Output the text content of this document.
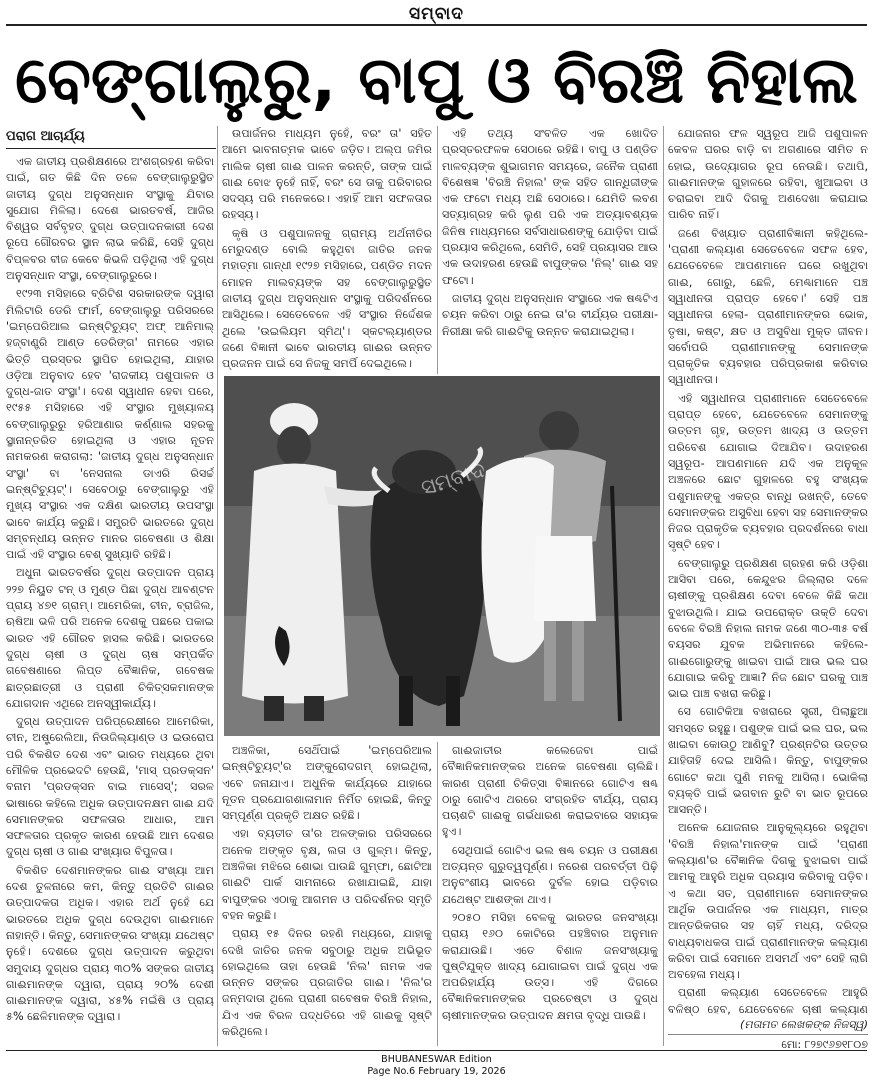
ସମ୍ବାଦ
ବେଙ୍ଗାଲୁରୁ, ବାପୁ ଓ ବିରଞ୍ଚି ନିହାଲ
ପରାଗ ଆଚାର୍ଯ୍ୟ

ଏକ ଜାତୀୟ ପ୍ରଶିକ୍ଷଣରେ ଅଂଶଗ୍ରହଣ କରିବା ପାଇଁ, ଗତ କିଛି ଦିନ ତଳେ ବେଙ୍ଗାଲୁରୁସ୍ଥିତ ଜାତୀୟ ଦୁଗ୍ଧ ଅନୁସନ୍ଧାନ ସଂସ୍ଥାକୁ ଯିବାର ସୁଯୋଗ ମିଳିଲା। ଦେଶେ ଭାରତବର୍ଷ, ଆଜିର ବିଶ୍ୱର ସର୍ବବୃହତ୍ ଦୁଗ୍ଧ ଉତ୍ପାଦନକାରୀ ଦେଶ ରୂପେ ଗୌରବର ସ୍ଥାନ ଲାଭ କରିଛି, ସେହି ଦୁଗ୍ଧ ବିପ୍ଳବର ବୀଜ କେବେ କିଭଳି ପଡ଼ିଥିଲା ଏହି ଦୁଗ୍ଧ ଅନୁସନ୍ଧାନ ସଂସ୍ଥା, ବେଙ୍ଗାଲୁରୁରେ।

୧୯୨୩ ମସିହାରେ ବ୍ରିଟିଶ ସରକାରଙ୍କ ଦ୍ୱାରା ମିଲିଟାରି ଡେରି ଫାର୍ମ, ବେଙ୍ଗାଲୁରୁ ପରିସରରେ 'ଇମ୍ପେରିଆଲ ଇନ୍ଷ୍ଟିଚ୍ୟୁଟ୍ ଅଫ୍ ଆନିମାଲ୍ ହଜ୍‌ବାଣ୍ଡ୍ରି ଆଣ୍ଡ ଡେରିଙ୍ଗ' ନାମରେ ଏହାର ଭିତ୍ତି ପ୍ରସ୍ତର ସ୍ଥାପିତ ହୋଇଥିଲା, ଯାହାର ଓଡ଼ିଆ ଅନୁବାଦ ହେବ 'ରାଜକୀୟ ପଶୁପାଳନ ଓ ଦୁଗ୍ଧ-ଜାତ ସଂସ୍ଥା'। ଦେଶ ସ୍ୱାଧୀନ ହେବା ପରେ, ୧୯୫୫ ମସିହାରେ ଏହି ସଂସ୍ଥାର ମୁଖ୍ୟାଳୟ ବେଙ୍ଗାଲୁରୁରୁ ହରିଆଣାର କର୍ଣ୍ଣାଲ ସହରକୁ ସ୍ଥାନାନ୍ତରିତ ହୋଇଥିଲା ଓ ଏହାର ନୂତନ ନାମକରଣ କରାଗଲା: 'ଜାତୀୟ ଦୁଗ୍ଧ ଅନୁସନ୍ଧାନ ସଂସ୍ଥା' ବା 'ନେସନାଲ ଡାଏରି ରିସର୍ଚ୍ଚ ଇନ୍ଷ୍ଟିଚ୍ୟୁଟ୍'। ସେବେଠାରୁ ବେଙ୍ଗାଲୁରୁ ଏହି ମୁଖ୍ୟ ସଂସ୍ଥାର ଏକ ଦକ୍ଷିଣ ଭାରତୀୟ ଉପସଂସ୍ଥା ଭାବେ କାର୍ଯ୍ୟ କରୁଛି। ସମ୍ପ୍ରତି ଭାରତରେ ଦୁଗ୍ଧ ସମ୍ବନ୍ଧୀୟ ଉନ୍ନତ ମାନର ଗବେଷଣା ଓ ଶିକ୍ଷା ପାଇଁ ଏହି ସଂସ୍ଥାର ବେଶ୍ ସୁଖ୍ୟାତି ରହିଛି।

ଅଧୁନା ଭାରତବର୍ଷର ଦୁଗ୍ଧ ଉତ୍ପାଦନ ପ୍ରାୟ ୨୨୭ ନିୟୁତ ଟନ୍ ଓ ମୁଣ୍ଡ ପିଛା ଦୁଗ୍ଧ ଆବଣ୍ଟନ ପ୍ରାୟ ୪୭୧ ଗ୍ରାମ୍। ଆମେରିକା, ଚୀନ, ବ୍ରାଜିଲ, ଋଷିଆ ଭଳି ପରି ଅନେକ ଦେଶକୁ ପଛରେ ପକାଇ ଭାରତ ଏହି ଗୌରବ ହାସଲ କରିଛି। ଭାରତରେ ଦୁଗ୍ଧ ଚାଷୀ ଓ ଦୁଗ୍ଧ ଚାଷ ସମ୍ପର୍କିତ ଗବେଷଣାରେ ଲିପ୍ତ ବୈଜ୍ଞାନିକ, ଗବେଷକ ଛାତ୍ରଛାତ୍ରୀ ଓ ପ୍ରାଣୀ ଚିକିତ୍ସକମାନଙ୍କ ଯୋଗଦାନ ଏଥିରେ ଅନସ୍ୱୀକାର୍ଯ୍ୟ।

ଦୁଗ୍ଧ ଉତ୍ପାଦନ ପରିପ୍ରେକ୍ଷୀରେ ଆମେରିକା, ଚୀନ, ଅଷ୍ଟ୍ରେଲିଆ, ନିଉଜିଲ୍ୟାଣ୍ଡ ଓ ଇଉରୋପ ପରି ବିକଶିତ ଦେଶ ଏବଂ ଭାରତ ମଧ୍ୟରେ ଥିବା ମୌଳିକ ପ୍ରଭେଦଟି ହେଉଛି, 'ମାସ୍ ପ୍ରଡକ୍ସନ' ବନାମ 'ପ୍ରଡକ୍ସନ ବାଇ ମାସେସ୍'; ସରଳ ଭାଷାରେ କହିଲେ ଅଧିକ ଉତ୍ପାଦନକ୍ଷମ ଗାଈ ଯଦି ସେମାନଙ୍କର ସଫଳତାର ଆଧାର, ଆମ ସଫଳତାର ପ୍ରକୃତ କାରଣ ହେଉଛି ଆମ ଦେଶର ଦୁଗ୍ଧ ଚାଷୀ ଓ ଗାଈ ସଂଖ୍ୟାର ବିପୁଳତା।

ବିକଶିତ ଦେଶମାନଙ୍କର ଗାଈ ସଂଖ୍ୟା ଆମ ଦେଶ ତୁଳନାରେ କମ, କିନ୍ତୁ ପ୍ରତିଟି ଗାଈର ଉତ୍ପାଦକତା ଅଧିକ। ଏହାର ଅର୍ଥ ନୁହେଁ ଯେ ଭାରତରେ ଅଧିକ ଦୁଗ୍ଧ ଦେଉଥିବା ଗାଈମାନେ ନାହାନ୍ତି। କିନ୍ତୁ, ସେମାନଙ୍କର ସଂଖ୍ୟା ଯଥେଷ୍ଟ ନୁହେଁ। ଦେଶରେ ଦୁଗ୍ଧ ଉତ୍ପାଦନ କରୁଥିବା ସମୁଦାୟ ଦୁଗ୍ଧର ପ୍ରାୟ ୩୦% ସଙ୍କର ଜାତୀୟ ଗାଈମାନଙ୍କ ଦ୍ୱାରା, ପ୍ରାୟ ୨୦% ଦେଶୀ ଗାଈମାନଙ୍କ ଦ୍ୱାରା, ୪୫% ମଇଁଷି ଓ ପ୍ରାୟ ୫% ଛେଳିମାନଙ୍କ ଦ୍ୱାରା।

ଉପାର୍ଜନର ମାଧ୍ୟମ ନୁହେଁ, ବରଂ ତା' ସହିତ ଆମେ ଭାବନାତ୍ମକ ଭାବେ ଜଡ଼ିତ। ଅଲ୍ପ ଜମିର ମାଲିକ ଚାଷୀ ଗାଈ ପାଳନ କରନ୍ତି, ତାଙ୍କ ପାଇଁ ଗାଈ ବୋଝ ନୁହେଁ ନାହିଁ, ବରଂ ସେ ତାକୁ ପରିବାରର ସଦସ୍ୟ ପରି ମନେକରେ। ଏହାହିଁ ଆମ ସଫଳତାର ରହସ୍ୟ।

କୃଷି ଓ ପଶୁପାଳନକୁ ଗ୍ରାମ୍ୟ ଅର୍ଥନୀତିର ମେରୁଦଣ୍ଡ ବୋଲି କହୁଥିବା ଜାତିର ଜନକ ମହାତ୍ମା ଗାନ୍ଧୀ ୧୯୨୭ ମସିହାରେ, ପଣ୍ଡିତ ମଦନ ମୋହନ ମାଲବ୍ୟଙ୍କ ସହ ବେଙ୍ଗାଲୁରୁସ୍ଥିତ ଜାତୀୟ ଦୁଗ୍ଧ ଅନୁସନ୍ଧାନ ସଂସ୍ଥାକୁ ପରିଦର୍ଶନରେ ଆସିଥିଲେ। ସେତେବେଳେ ଏହି ସଂସ୍ଥାର ନିର୍ଦ୍ଦେଶକ ଥିଲେ 'ଉଇଲିୟମ ସ୍ମିଥ୍'। ସ୍କଟଲ୍ୟାଣ୍ଡର ଜଣେ ବିଜ୍ଞାନୀ ଭାବେ ଭାରତୀୟ ଗାଈର ଉନ୍ନତ ପ୍ରଜନନ ପାଇଁ ସେ ନିଜକୁ ସମର୍ପି ଦେଇଥିଲେ।

ଏହି ତଥ୍ୟ ସଂବଳିତ ଏକ ଖୋଦିତ ପ୍ରସ୍ତରଫଳକ ସେଠାରେ ରହିଛି। ବାପୁ ଓ ପଣ୍ଡିତ ମାଳବ୍ୟଙ୍କ ଶୁଭାଗମନ ସମୟରେ, ଜନୈକ ପ୍ରାଣୀ ବିଶେଷଜ୍ଞ 'ବିରଞ୍ଚି ନିହାଲ' ଙ୍କ ସହିତ ଗାନ୍ଧିଜୀଙ୍କ ଏକ ଫଟୋ ମଧ୍ୟ ଅଛି ସେଠାରେ। ଯେମିତି ଲବଣ ସତ୍ୟାଗ୍ରହ କରି ଲୁଣ ପରି ଏକ ଅତ୍ୟାବଶ୍ୟକ ଜିନିଷ ମାଧ୍ୟମରେ ସର୍ବସାଧାରଣଙ୍କୁ ଯୋଡ଼ିବା ପାଇଁ ପ୍ରୟାସ କରିଥିଲେ, ସେମିତି, ସେହି ପ୍ରୟାସର ଆଉ ଏକ ଉଦାହରଣ ହେଉଛି ବାପୁଙ୍କର 'ନିଲ୍' ଗାଈ ସହ ଫଟୋ।

ଜାତୀୟ ଦୁଗ୍ଧ ଅନୁସନ୍ଧାନ ସଂସ୍ଥାରେ ଏକ ଷଣ୍ଢଟିଏ ଚୟନ କରିବା ଠାରୁ ନେଇ ତା'ର ବୀର୍ଯ୍ୟର ପରୀକ୍ଷା-ନିରୀକ୍ଷା କରି ଗାଈଟିକୁ ଉନ୍ନତ କରାଯାଇଥିଲା।

ସମ୍ବାଦ

ଅଞ୍ଚଳିକା, ସେଥିଁପାଇଁ 'ଇମ୍ପେରିଆଲ ଇନ୍ଷ୍ଟିଚ୍ୟୁଟ୍'ର ଅଙ୍କୁରୋଦଗମ୍ ହୋଇଥିଲା, ଏବେ ଜନାଯାଏ। ଅଧୁନିକ କାର୍ଯ୍ୟରେ ଯାହାରେ ନୂତନ ପ୍ରଯୋଗଶାଳାମାନ ନିର୍ମିତ ହୋଇଛି, କିନ୍ତୁ ସମ୍ପୂର୍ଣ୍ଣ ପ୍ରକୃତି ଅକ୍ଷତ ରହିଛି।

ଏହା ବ୍ୟତୀତ ତା'ର ଅଳଙ୍କାର ପରିସରରେ ଅନେକ ଅଙ୍କୃତ ବୃକ୍ଷ, ଲତା ଓ ଗୁଳ୍ମ। କିନ୍ତୁ, ଅଞ୍ଚଳିକା ମଝିରେ ଶୋଭା ପାଉଛି ଗୁମ୍ଫା, ଛୋଟିଆ ଗାଈଟି ପାର୍କ ସାମନାରେ ରଖାଯାଇଛି, ଯାହା ବାପୁଙ୍କର ଏଠାକୁ ଆଗମନ ଓ ପରିଦର୍ଶନର ସ୍ମୃତି ବହନ କରୁଛି।

ପ୍ରାୟ ୧୫ ଦିନର ରହଣି ମଧ୍ୟରେ, ଯାହାକୁ ଦେଖି ଜାତିର ଜନକ ସବୁଠାରୁ ଅଧିକ ଅଭିଭୂତ ହୋଇଥିଲେ ତାହା ହେଉଛି 'ନିଲ' ନାମକ ଏକ ଉନ୍ନତ ସଙ୍କର ପ୍ରଜାତିର ଗାଈ। 'ନିଲ'ର ଜନ୍ମଦାତା ଥିଲେ ପ୍ରାଣୀ ଗବେଷକ ବିରଞ୍ଚି ନିହାଲ, ଯିଏ ଏକ ବିରଳ ପଦ୍ଧତିରେ ଏହି ଗାଈକୁ ସୃଷ୍ଟି କରିଥିଲେ।

ଗାଈଜାତୀର କଲେଜେବା ପାଇଁ ବୈଜ୍ଞାନିକମାନଙ୍କର ଅନେକ ଗବେଷଣା ଚାଲିଛି। କାରଣ ପ୍ରାଣୀ ଚିକିତ୍ସା ବିଜ୍ଞାନରେ ଗୋଟିଏ ଷଣ୍ଢ ଠାରୁ ଗୋଟିଏ ଥରରେ ସଂଗ୍ରହିତ ବୀର୍ଯ୍ୟ, ପ୍ରାୟ ପଚାଶଟି ଗାଈକୁ ଗର୍ଭଧାରଣ କରାଇବାରେ ସହାୟକ ହୁଏ।

ସେଥିପାଇଁ ଗୋଟିଏ ଭଲ ଷଣ୍ଢ ଚୟନ ଓ ପରୀକ୍ଷଣ ଅତ୍ୟନ୍ତ ଗୁରୁତ୍ୱପୂର୍ଣ୍ଣ। ନରେଶ ପରବର୍ତ୍ତୀ ପିଢ଼ି ଅନୁବଂଶୀୟ ଭାବରେ ଦୁର୍ବଳ ହୋଇ ପଡ଼ିବାର ଯଥେଷ୍ଟ ଆଶଙ୍କା ଥାଏ।

୨୦୫୦ ମସିହା ବେଳକୁ ଭାରତର ଜନସଂଖ୍ୟା ପ୍ରାୟ ୧୬୦ କୋଟିରେ ପହଞ୍ଚିବାର ଅନୁମାନ କରାଯାଉଛି। ଏତେ ବିଶାଳ ଜନସଂଖ୍ୟାକୁ ପୁଷ୍ଟିଯୁକ୍ତ ଖାଦ୍ୟ ଯୋଗାଇବା ପାଇଁ ଦୁଗ୍ଧ ଏକ ଅପରିହାର୍ଯ୍ୟ ଉତ୍ସ। ଏହି ଦିଗରେ ବୈଜ୍ଞାନିକମାନଙ୍କର ପ୍ରଚେଷ୍ଟା ଓ ଦୁଗ୍ଧ ଚାଷୀମାନଙ୍କର ଉତ୍ପାଦନ କ୍ଷମତା ବୃଦ୍ଧି ପାଉଛି।

ଯୋଜନାର ଫଳ ସ୍ୱରୂପ ଆଜି ପଶୁପାଳନ କେବଳ ଘରର ବାଡ଼ି ବା ଅଗଣାରେ ସୀମିତ ନ ହୋଇ, ଉଦ୍ୟୋଗର ରୂପ ନେଉଛି। ତଥାପି, ଗାଈମାନଙ୍କ ଗୁହାଳରେ ରହିବା, ଖୁଆଇବା ଓ ଚରାଇବା ଆଦି ଦିଗକୁ ଅଣଦେଖା କରାଯାଇ ପାରିବ ନାହିଁ।

ଜଣେ ବିଖ୍ୟାତ ପ୍ରାଣୀବିଜ୍ଞାନୀ କହିଥିଲେ- 'ପ୍ରାଣୀ କଲ୍ୟାଣ ସେତେବେଳେ ସଫଳ ହେବ, ଯେତେବେଳେ ଆପଣମାନେ ଘରେ ରଖୁଥିବା ଗାଈ, ଗୋରୁ, ଛେଳି, ମେଣ୍ଢାମାନେ ପଞ୍ଚ ସ୍ୱାଧୀନତା ପ୍ରାପ୍ତ ହେବେ।' ସେହି ପଞ୍ଚ ସ୍ୱାଧୀନତା ହେଲା- ପ୍ରାଣୀମାନଙ୍କର ଭୋକ, ତୃଷା, କଷ୍ଟ, କ୍ଷତ ଓ ଅସୁବିଧା ମୁକ୍ତ ଜୀବନ। ସର୍ବୋପରି ପ୍ରାଣୀମାନଙ୍କୁ ସେମାନଙ୍କ ପ୍ରାକୃତିକ ବ୍ୟବହାର ପରିପ୍ରକାଶ କରିବାର ସ୍ୱାଧୀନତା।

ଏହି ସ୍ୱାଧୀନତା ପ୍ରାଣୀମାନେ ସେତେବେଳେ ପ୍ରାପ୍ତ ହେବେ, ଯେତେବେଳେ ସେମାନଙ୍କୁ ଉତ୍ତମ ଗୃହ, ଉତ୍ତମ ଖାଦ୍ୟ ଓ ଉତ୍ତମ ପରିବେଶ ଯୋଗାଇ ଦିଆଯିବ। ଉଦାହରଣ ସ୍ୱରୂପ- ଆପଣମାନେ ଯଦି ଏକ ଅନୁକୂଳ ଅଞ୍ଚଳରେ ଛୋଟ ଗୁହାଳରେ ବହୁ ସଂଖ୍ୟକ ପଶୁମାନଙ୍କୁ ଏକତ୍ର ବାନ୍ଧି ରଖନ୍ତି, ତେବେ ସେମାନଙ୍କର ଅସୁବିଧା ହେବା ସହ ସେମାନଙ୍କର ନିଜର ପ୍ରାକୃତିକ ବ୍ୟବହାର ପ୍ରଦର୍ଶନରେ ବାଧା ସୃଷ୍ଟି ହେବ।

ବେଙ୍ଗାଲୁରୁ ପ୍ରଶିକ୍ଷଣ ଗ୍ରହଣ କରି ଓଡ଼ିଶା ଆସିବା ପରେ, କେନ୍ଦୁଝର ଜିଲ୍ଲାର ଦଳେ ଚାଷୀଙ୍କୁ ପ୍ରଶିକ୍ଷଣ ଦେବା ବେଳେ କିଛି କଥା ବୁଝାଉଥିଲି। ଯାଇ ଉପରୋକ୍ତ ଉକ୍ତି ଦେବା ବେଳେ ବିରଞ୍ଚି ନିହାଲ ନାମକ ଜଣେ ୩୦-୩୫ ବର୍ଷ ବୟସର ଯୁବକ ଅଭିମାନରେ କହିଲେ- ଗାଈଗୋରୁଙ୍କୁ ଖାଇବା ପାଇଁ ଆଉ ଭଲ ଘର ଯୋଗାଇ କରିବୁ ଆଜ୍ଞା? ନିଜ ଛୋଟ ଘରକୁ ପାଞ୍ଚ ଭାଇ ପାଞ୍ଚ ବଖରା କରିଛୁ।

ସେ ଗୋଟିକିଆ ବଖରାରେ ସ୍ତ୍ରୀ, ପିଲାଛୁଆ ସମସ୍ତେ ରହୁଛୁ। ପଶୁଙ୍କ ପାଇଁ ଭଲ ଘର, ଭଲ ଖାଇବା କୋଉଠୁ ଆଣିବୁ? ପ୍ରଶ୍ନଟିର ଉତ୍ତର ଯାହିତାହି ଦେଇ ଆସିଲି। କିନ୍ତୁ, ବାପୁଙ୍କର ଗୋଟେ କଥା ପୁଣି ମନକୁ ଆସିଲା। ଭୋକିଲା ବ୍ୟକ୍ତି ପାଇଁ ଭଗବାନ ରୁଟି ବା ଭାତ ରୂପରେ ଆସନ୍ତି।

ଅନେକ ଯୋଜନାର ଆନୁକୂଲ୍ୟରେ ରହୁଥିବା 'ବିରଞ୍ଚି ନିହାଲ'ମାନଙ୍କ ପାଇଁ 'ପ୍ରାଣୀ କଲ୍ୟାଣ'ର ବୈଜ୍ଞାନିକ ଦିଗକୁ ବୁଝାଇବା ପାଇଁ ଆମକୁ ଆହୁରି ଅଧିକ ପ୍ରୟାସ କରିବାକୁ ପଡ଼ିବ। ଏ କଥା ସତ, ପ୍ରାଣୀମାନେ ସେମାନଙ୍କର ଆର୍ଥିକ ଉପାର୍ଜନର ଏକ ମାଧ୍ୟମ, ମାତ୍ର ଆନ୍ତରିକତାର ସହ ଚାହିଁ ମଧ୍ୟ, ଦରିଦ୍ର ବାଧ୍ୟବାଧକତା ପାଇଁ ପ୍ରାଣୀମାନଙ୍କ କଲ୍ୟାଣ କରିବା ପାଇଁ ସେମାନେ ଅସମର୍ଥ ଏବଂ ସେହି ଲାଗି ଅବହେଳା ମଧ୍ୟ।

ପ୍ରାଣୀ କଲ୍ୟାଣ ସେତେବେଳେ ଆହୁରି ବଳିଷ୍ଠ ହେବ, ଯେତେବେଳେ ଚାଷୀ କଲ୍ୟାଣ

(ମତାମତ ଲେଖକଙ୍କ ନିଜସ୍ୱ)
ମୋ: ୮୨୭୯୬୭୧୮୦୭
BHUBANESWAR Edition
Page No.6 February 19, 2026
